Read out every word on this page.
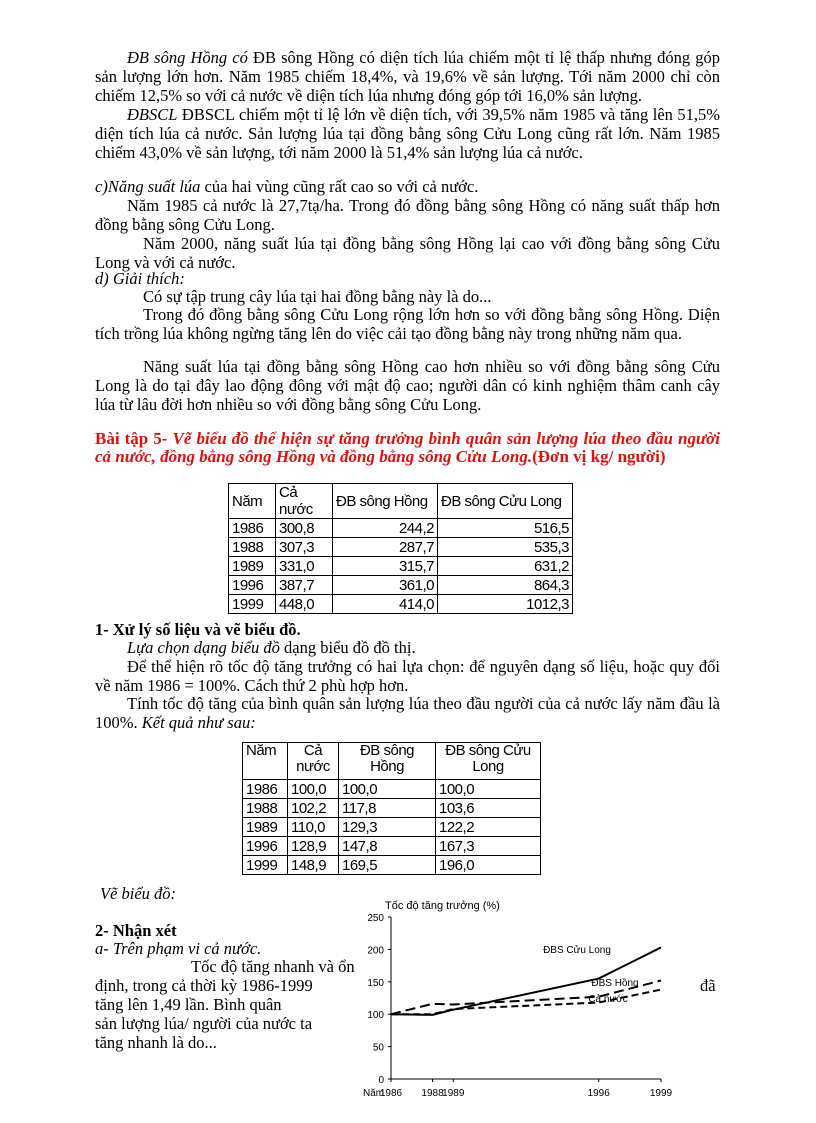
ĐB sông Hồng có ĐB sông Hồng có diện tích lúa chiếm một tỉ lệ thấp nhưng đóng góp sản lượng lớn hơn. Năm 1985 chiếm 18,4%, và 19,6% về sản lượng. Tới năm 2000 chỉ còn chiếm 12,5% so với cả nước về diện tích lúa nhưng đóng góp tới 16,0% sản lượng.

ĐBSCL ĐBSCL chiếm một tỉ lệ lớn về diện tích, với 39,5% năm 1985 và tăng lên 51,5% diện tích lúa cả nước. Sản lượng lúa tại đồng bằng sông Cửu Long cũng rất lớn. Năm 1985 chiếm 43,0% về sản lượng, tới năm 2000 là 51,4% sản lượng lúa cả nước.

c)Năng suất lúa của hai vùng cũng rất cao so với cả nước.

Năm 1985 cả nước là 27,7tạ/ha. Trong đó đồng bằng sông Hồng có năng suất thấp hơn đồng bằng sông Cửu Long.

Năm 2000, năng suất lúa tại đồng bằng sông Hồng lại cao với đồng bằng sông Cửu Long và với cả nước.

d) Giải thích:

Có sự tập trung cây lúa tại hai đồng bằng này là do...

Trong đó đồng bằng sông Cửu Long rộng lớn hơn so với đồng bằng sông Hồng. Diện tích trồng lúa không ngừng tăng lên do việc cải tạo đồng bằng này trong những năm qua.

Năng suất lúa tại đồng bằng sông Hồng cao hơn nhiều so với đồng bằng sông Cửu Long là do tại đây lao động đông với mật độ cao; người dân có kinh nghiệm thâm canh cây lúa từ lâu đời hơn nhiều so với đồng bằng sông Cửu Long.

Bài tập 5- Vẽ biểu đồ thể hiện sự tăng trưởng bình quân sản lượng lúa theo đầu người cả nước, đồng bằng sông Hồng và đồng bằng sông Cửu Long.(Đơn vị kg/ người)

Năm	Cả nước	ĐB sông Hồng	ĐB sông Cửu Long
1986	300,8	244,2	516,5
1988	307,3	287,7	535,3
1989	331,0	315,7	631,2
1996	387,7	361,0	864,3
1999	448,0	414,0	1012,3

1- Xử lý số liệu và vẽ biểu đồ.

Lựa chọn dạng biểu đồ dạng biểu đồ đồ thị.

Để thể hiện rõ tốc độ tăng trưởng có hai lựa chọn: để nguyên dạng số liệu, hoặc quy đổi về năm 1986 = 100%. Cách thứ 2 phù hợp hơn.

Tính tốc độ tăng của bình quân sản lượng lúa theo đầu người của cả nước lấy năm đầu là 100%. Kết quả như sau:

Năm	Cả nước	ĐB sông Hồng	ĐB sông Cửu Long
1986	100,0	100,0	100,0
1988	102,2	117,8	103,6
1989	110,0	129,3	122,2
1996	128,9	147,8	167,3
1999	148,9	169,5	196,0

Vẽ biểu đồ:

2- Nhận xét

a- Trên phạm vi cả nước.

Tốc độ tăng nhanh và ổn
định, trong cả thời kỳ 1986-1999
tăng lên 1,49 lần. Bình quân
sản lượng lúa/ người của nước ta
tăng nhanh là do...
đã
Tốc độ tăng trưởng (%)
Năm
0
50
100
150
200
250
1986 1988
1989	1996	1999
ĐBS Cửu Long
ĐBS Hồng
Cả nước
